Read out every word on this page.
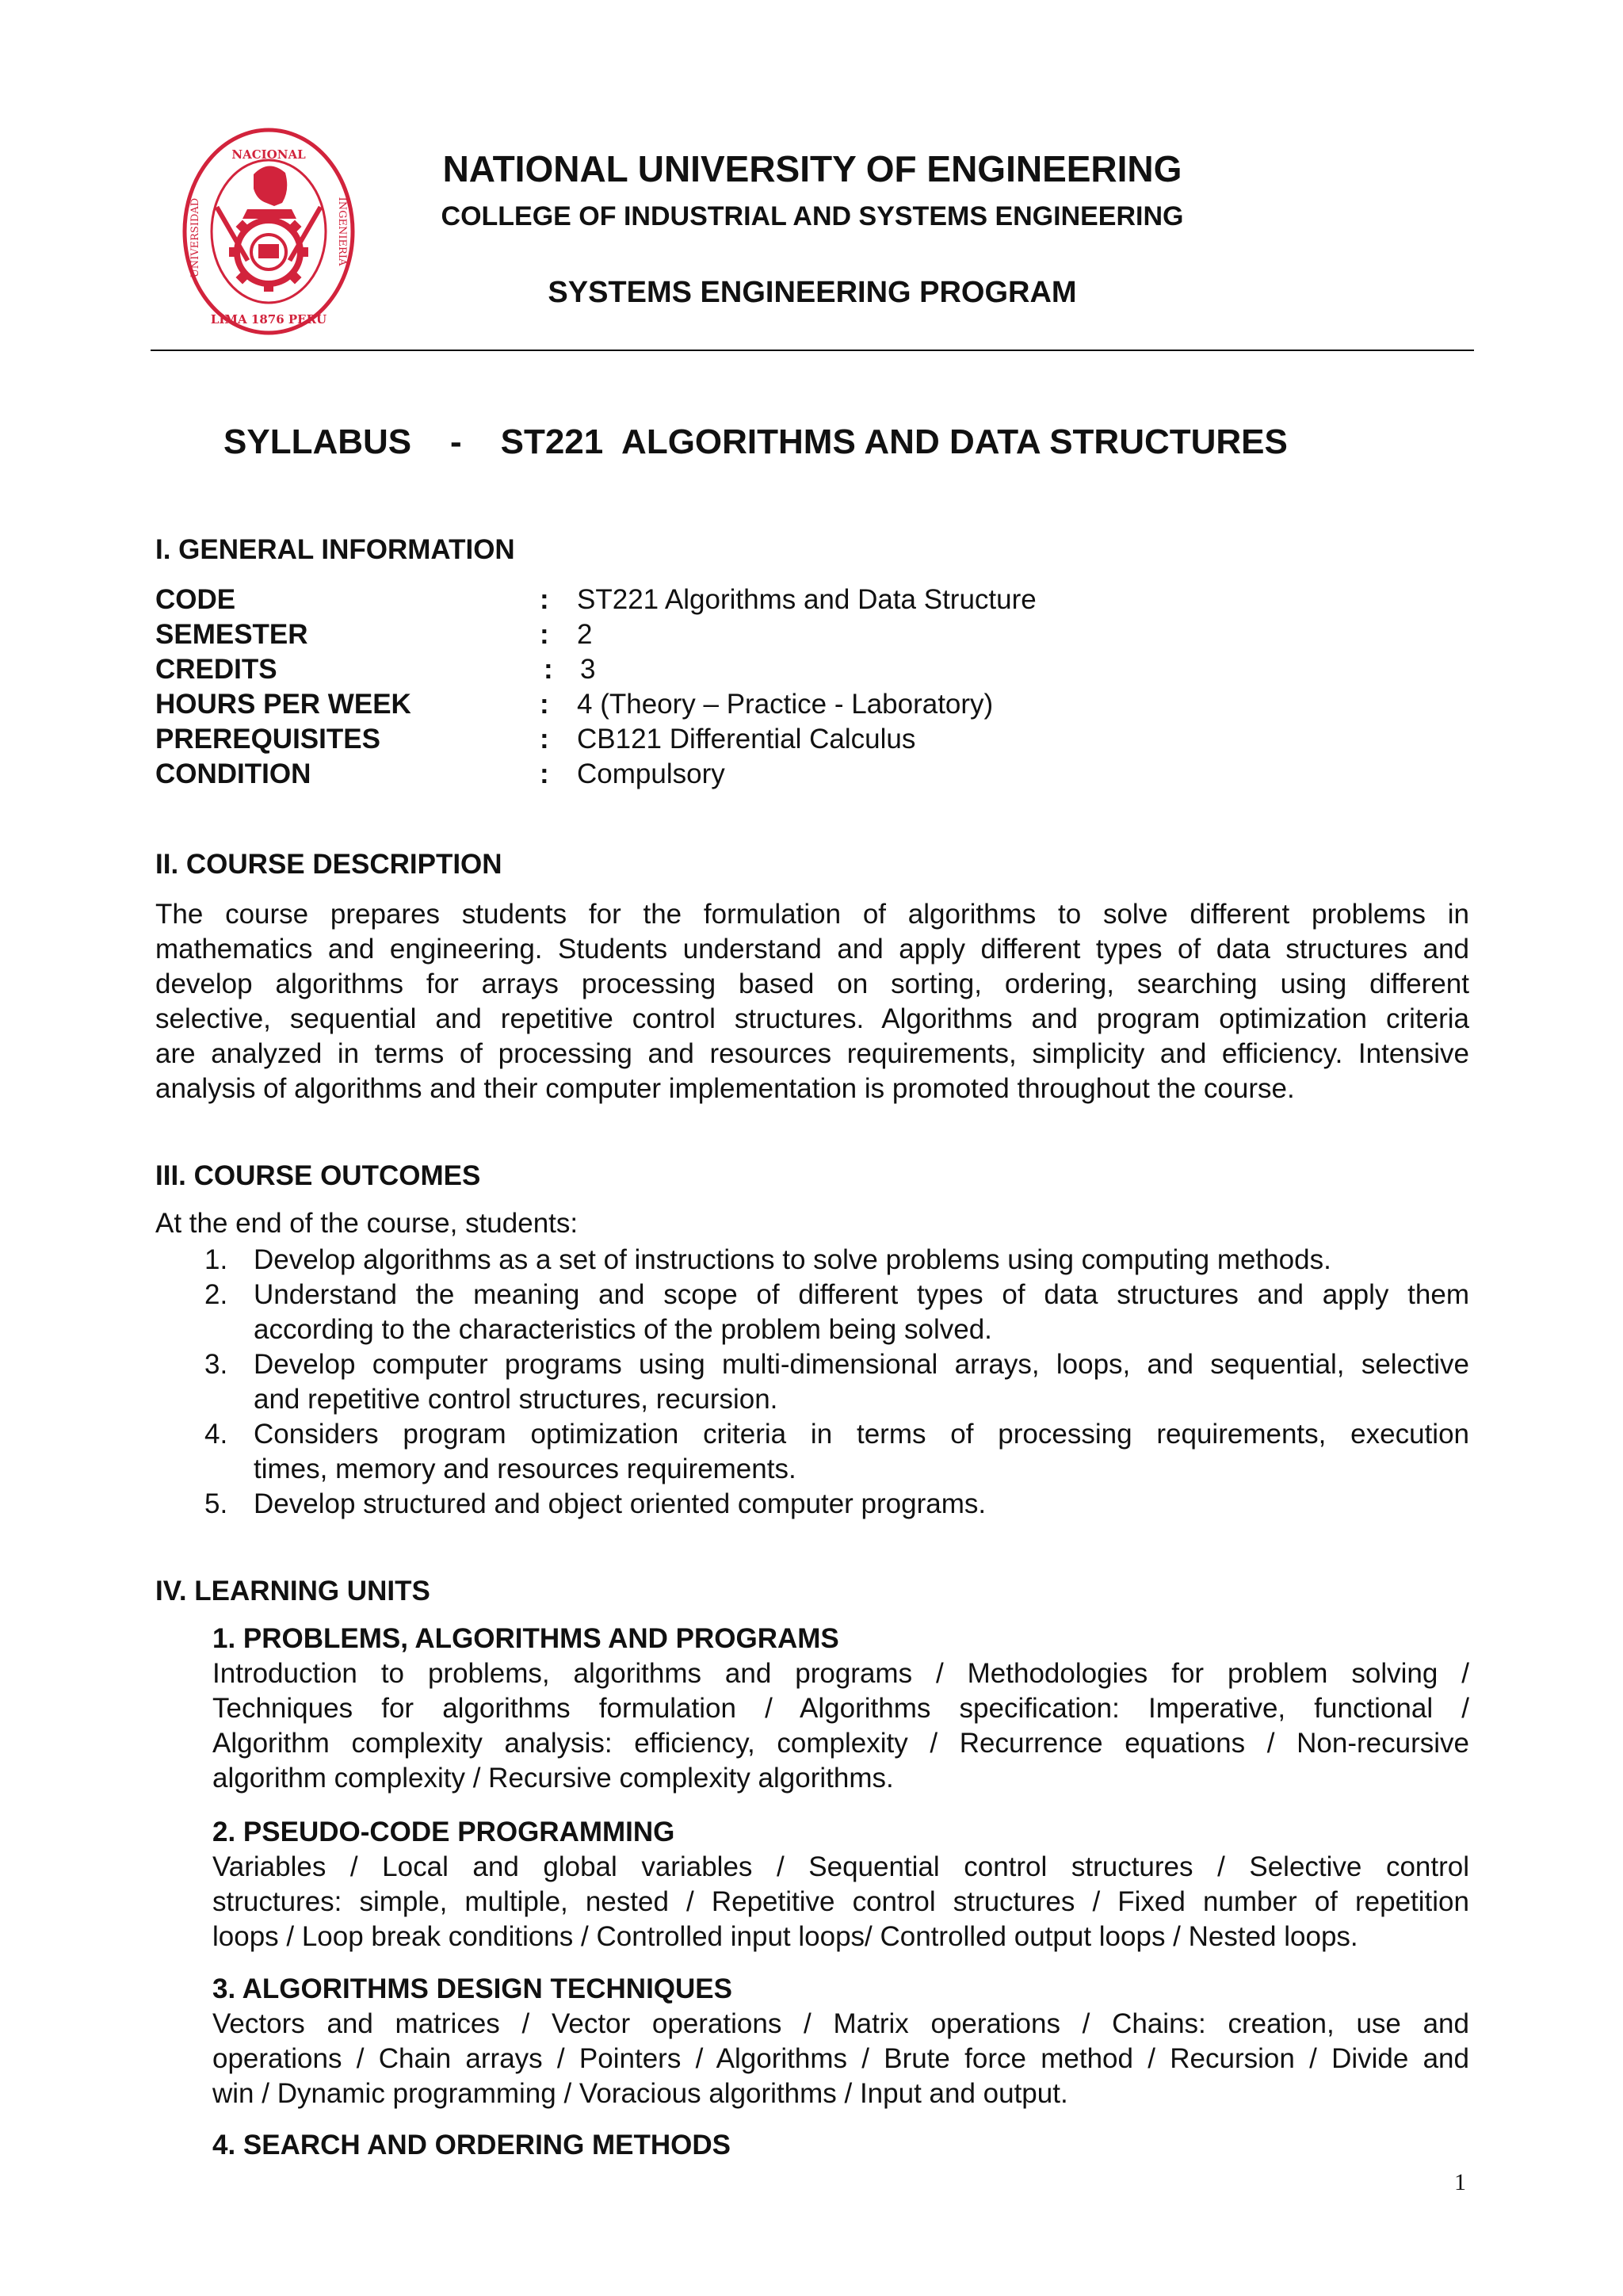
NACIONAL
LIMA 1876 PERU
UNIVERSIDAD	INGENIERIA
NATIONAL UNIVERSITY OF ENGINEERING
COLLEGE OF INDUSTRIAL AND SYSTEMS ENGINEERING
SYSTEMS ENGINEERING PROGRAM
SYLLABUS - ST221  ALGORITHMS AND DATA STRUCTURES
I. GENERAL INFORMATION
CODE	: ST221 Algorithms and Data Structure
SEMESTER	: 2
CREDITS	: 3
HOURS PER WEEK	: 4 (Theory – Practice - Laboratory)
PREREQUISITES	: CB121 Differential Calculus
CONDITION	: Compulsory
II. COURSE DESCRIPTION
The course prepares students for the formulation of algorithms to solve different problems in
mathematics and engineering. Students understand and apply different types of data structures and
develop algorithms for arrays processing based on sorting, ordering, searching using different
selective, sequential and repetitive control structures. Algorithms and program optimization criteria
are analyzed in terms of processing and resources requirements, simplicity and efficiency. Intensive
analysis of algorithms and their computer implementation is promoted throughout the course.
III. COURSE OUTCOMES
At the end of the course, students:
1. Develop algorithms as a set of instructions to solve problems using computing methods.
2. Understand the meaning and scope of different types of data structures and apply them
according to the characteristics of the problem being solved.
3. Develop computer programs using multi-dimensional arrays, loops, and sequential, selective
and repetitive control structures, recursion.
4. Considers program optimization criteria in terms of processing requirements, execution
times, memory and resources requirements.
5. Develop structured and object oriented computer programs.
IV. LEARNING UNITS
1. PROBLEMS, ALGORITHMS AND PROGRAMS
Introduction to problems, algorithms and programs / Methodologies for problem solving /
Techniques for algorithms formulation / Algorithms specification: Imperative, functional /
Algorithm complexity analysis: efficiency, complexity / Recurrence equations / Non-recursive
algorithm complexity / Recursive complexity algorithms.
2. PSEUDO-CODE PROGRAMMING
Variables / Local and global variables / Sequential control structures / Selective control
structures: simple, multiple, nested / Repetitive control structures / Fixed number of repetition
loops / Loop break conditions / Controlled input loops/ Controlled output loops / Nested loops.
3. ALGORITHMS DESIGN TECHNIQUES
Vectors and matrices / Vector operations / Matrix operations / Chains: creation, use and
operations / Chain arrays / Pointers / Algorithms / Brute force method / Recursion / Divide and
win / Dynamic programming / Voracious algorithms / Input and output.
4. SEARCH AND ORDERING METHODS
1
